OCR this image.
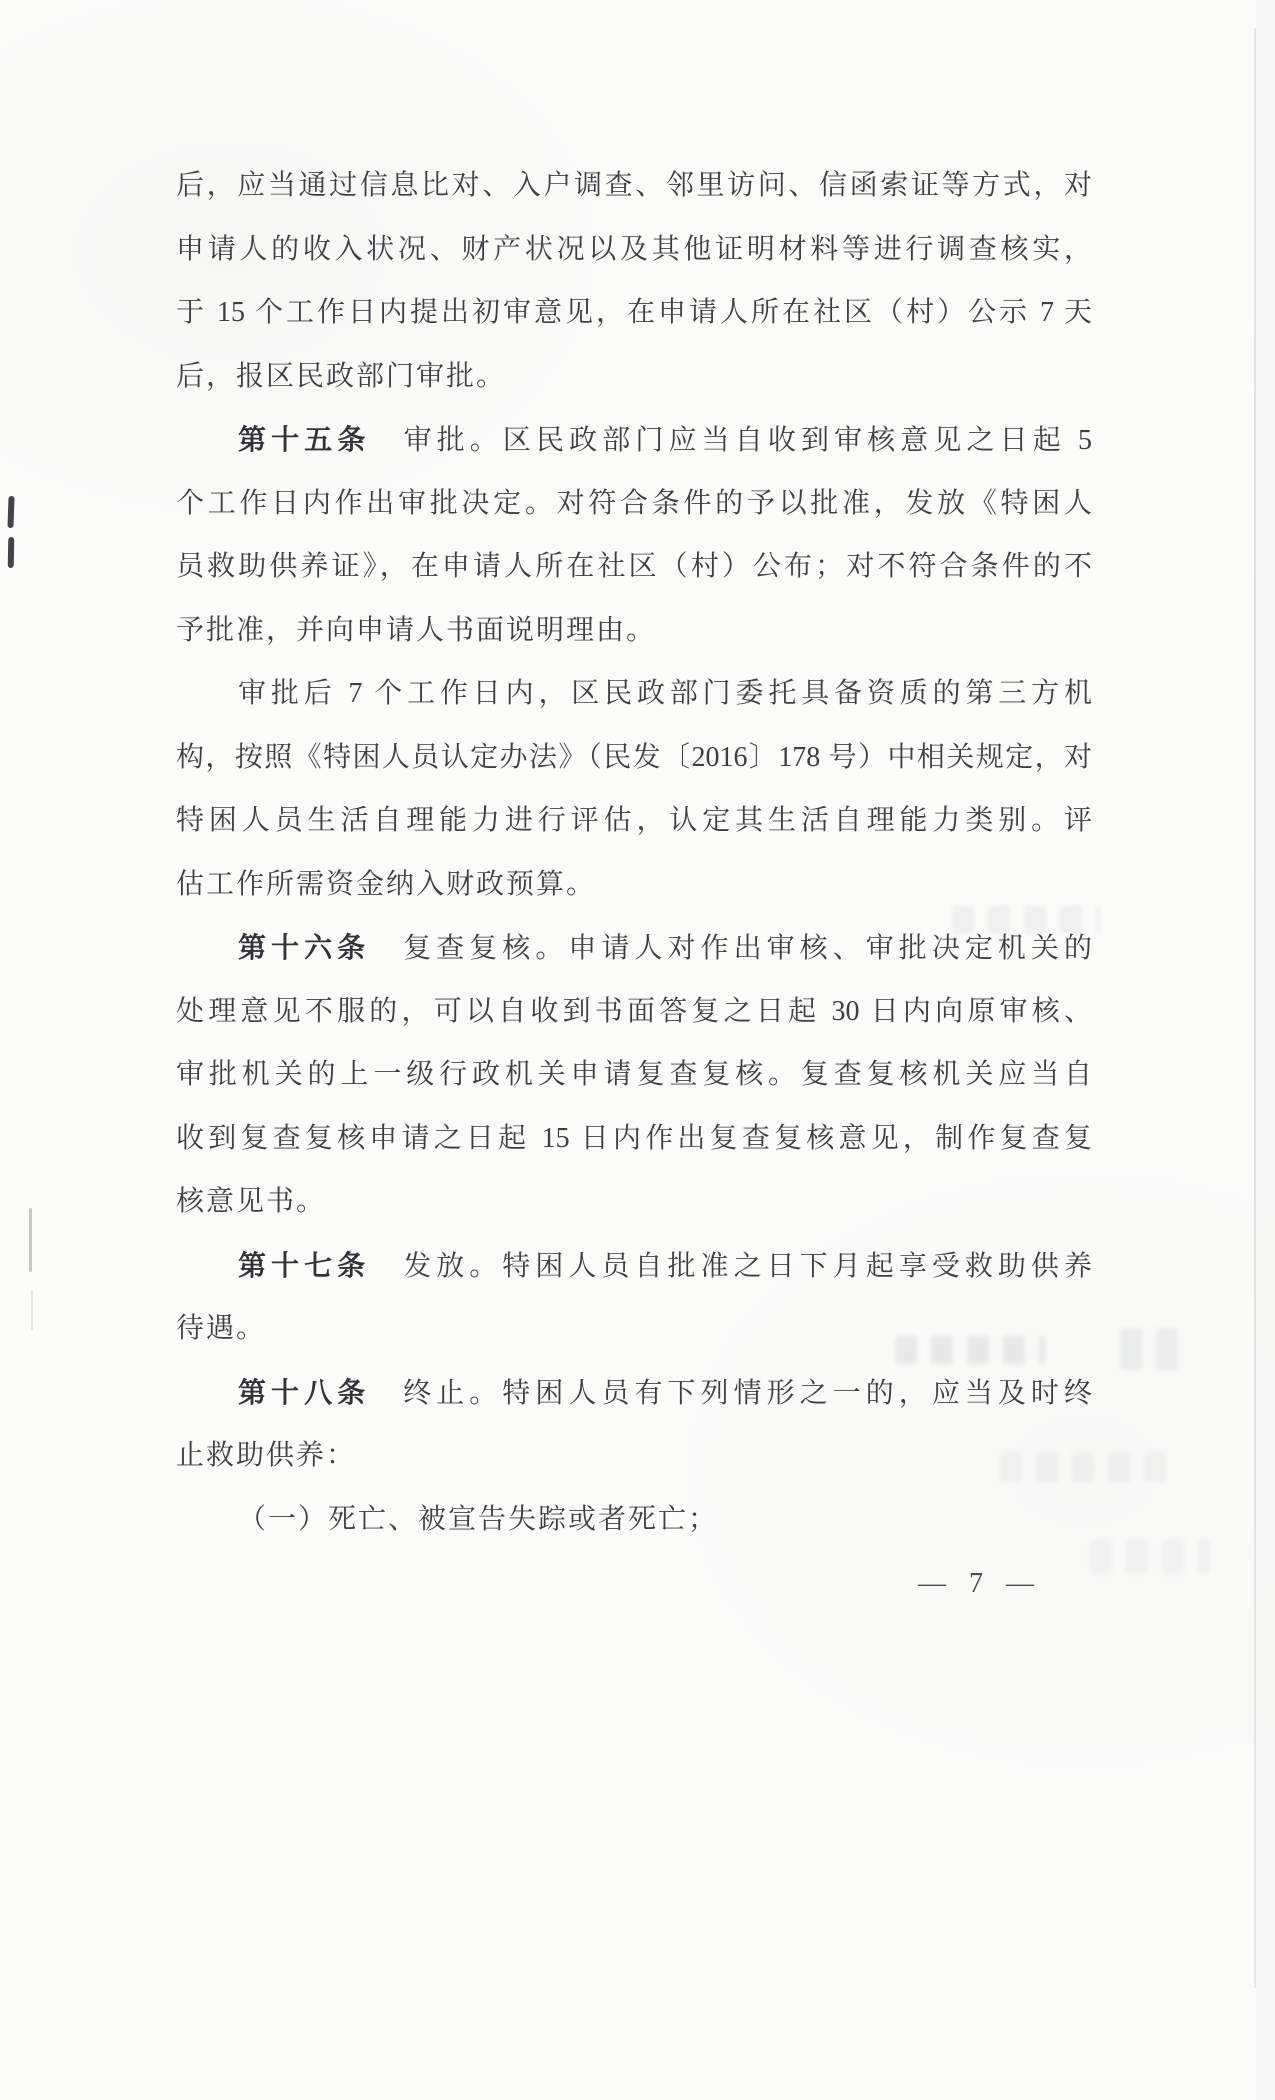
后，应当通过信息比对、入户调查、邻里访问、信函索证等方式，对
申请人的收入状况、财产状况以及其他证明材料等进行调查核实，
于 15 个工作日内提出初审意见，在申请人所在社区（村）公示 7 天
后，报区民政部门审批。
第十五条　审批。区民政部门应当自收到审核意见之日起 5
个工作日内作出审批决定。对符合条件的予以批准，发放《特困人
员救助供养证》，在申请人所在社区（村）公布；对不符合条件的不
予批准，并向申请人书面说明理由。
审批后 7 个工作日内，区民政部门委托具备资质的第三方机
构，按照《特困人员认定办法》（民发〔2016〕178 号）中相关规定，对
特困人员生活自理能力进行评估，认定其生活自理能力类别。评
估工作所需资金纳入财政预算。
第十六条　复查复核。申请人对作出审核、审批决定机关的
处理意见不服的，可以自收到书面答复之日起 30 日内向原审核、
审批机关的上一级行政机关申请复查复核。复查复核机关应当自
收到复查复核申请之日起 15 日内作出复查复核意见，制作复查复
核意见书。
第十七条　发放。特困人员自批准之日下月起享受救助供养
待遇。
第十八条　终止。特困人员有下列情形之一的，应当及时终
止救助供养：
（一）死亡、被宣告失踪或者死亡；
— 7 —
